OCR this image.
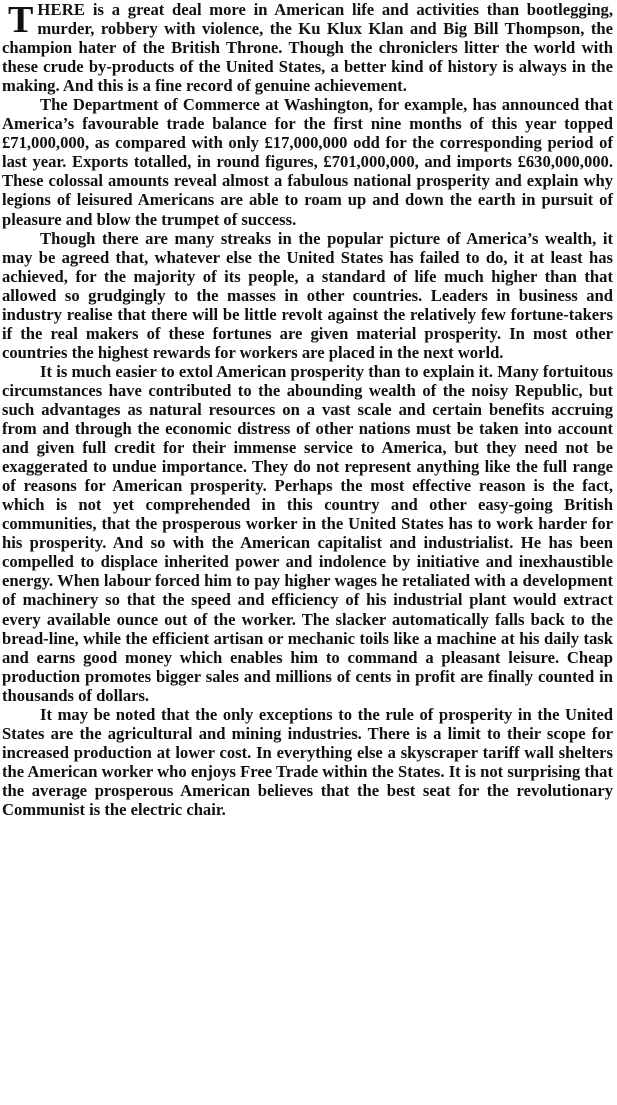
THERE is a great deal more in American life and activities than bootlegging, murder, robbery with violence, the Ku Klux Klan and Big Bill Thompson, the champion hater of the British Throne. Though the chroniclers litter the world with these crude by-products of the United States, a better kind of history is always in the making. And this is a fine record of genuine achievement.

The Department of Commerce at Washington, for example, has announced that America’s favourable trade balance for the first nine months of this year topped £71,000,000, as compared with only £17,000,000 odd for the corresponding period of last year. Exports totalled, in round figures, £701,000,000, and imports £630,000,000. These colossal amounts reveal almost a fabulous national prosperity and explain why legions of leisured Americans are able to roam up and down the earth in pursuit of pleasure and blow the trumpet of success.

Though there are many streaks in the popular picture of America’s wealth, it may be agreed that, whatever else the United States has failed to do, it at least has achieved, for the majority of its people, a standard of life much higher than that allowed so grudgingly to the masses in other countries. Leaders in business and industry realise that there will be little revolt against the relatively few fortune-takers if the real makers of these fortunes are given material prosperity. In most other countries the highest rewards for workers are placed in the next world.

It is much easier to extol American prosperity than to explain it. Many fortuitous circumstances have contributed to the abounding wealth of the noisy Republic, but such advantages as natural resources on a vast scale and certain benefits accruing from and through the economic distress of other nations must be taken into account and given full credit for their immense service to America, but they need not be exaggerated to undue importance. They do not represent anything like the full range of reasons for American prosperity. Perhaps the most effective reason is the fact, which is not yet comprehended in this country and other easy-going British communities, that the prosperous worker in the United States has to work harder for his prosperity. And so with the American capitalist and industrialist. He has been compelled to displace inherited power and indolence by initiative and inexhaustible energy. When labour forced him to pay higher wages he retaliated with a development of machinery so that the speed and efficiency of his industrial plant would extract every available ounce out of the worker. The slacker automatically falls back to the bread-line, while the efficient artisan or mechanic toils like a machine at his daily task and earns good money which enables him to command a pleasant leisure. Cheap production promotes bigger sales and millions of cents in profit are finally counted in thousands of dollars.

It may be noted that the only exceptions to the rule of prosperity in the United States are the agricultural and mining industries. There is a limit to their scope for increased production at lower cost. In everything else a skyscraper tariff wall shelters the American worker who enjoys Free Trade within the States. It is not surprising that the average prosperous American believes that the best seat for the revolutionary Communist is the electric chair.
